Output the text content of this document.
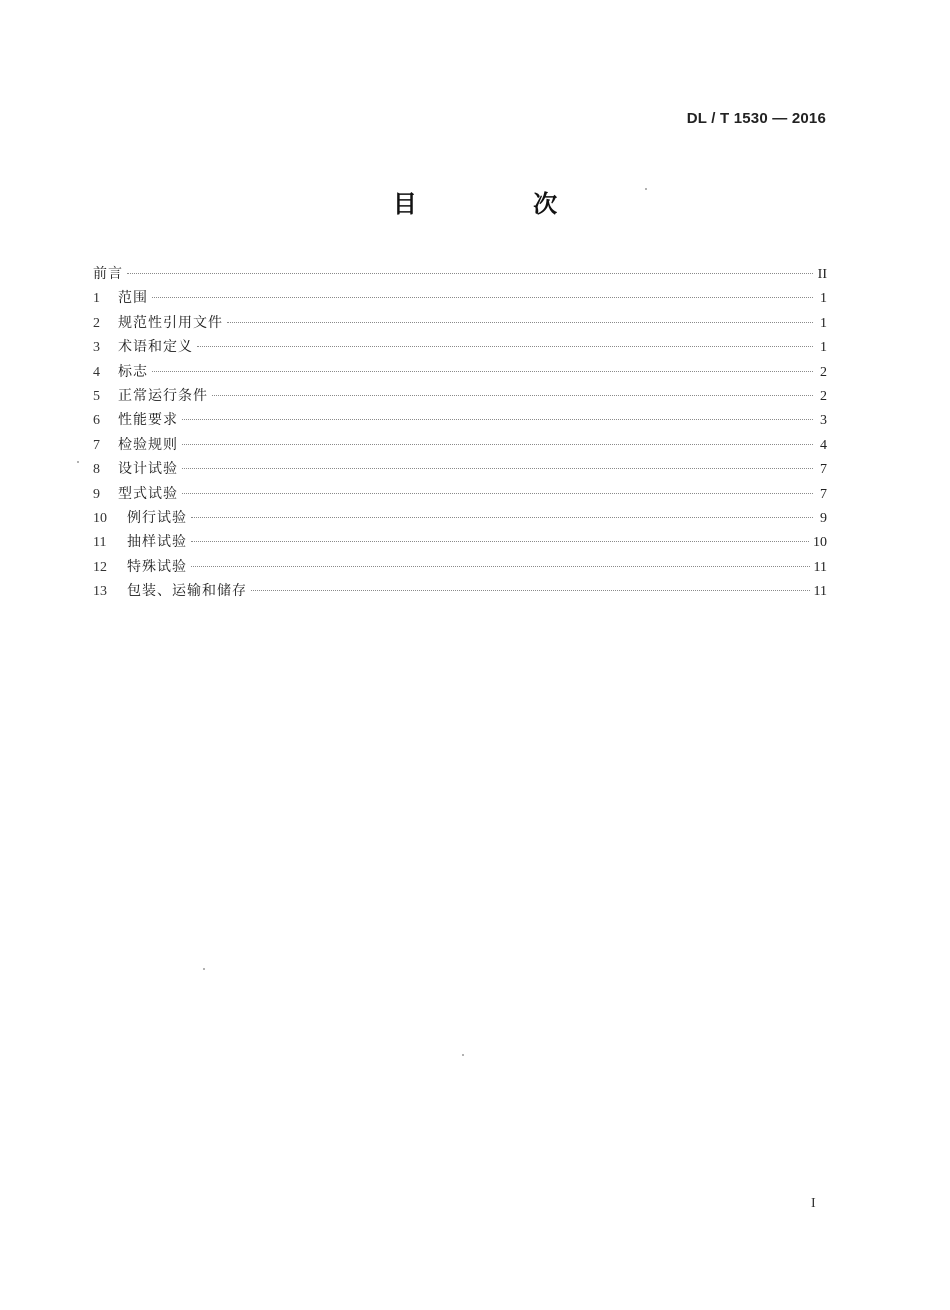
DL / T 1530 — 2016
目 次
前言	II
1	范围	1
2	规范性引用文件	1
3	术语和定义	1
4	标志	2
5	正常运行条件	2
6	性能要求	3
7	检验规则	4
8	设计试验	7
9	型式试验	7
10	例行试验	9
11	抽样试验	10
12	特殊试验	11
13	包装、运输和储存	11
I
